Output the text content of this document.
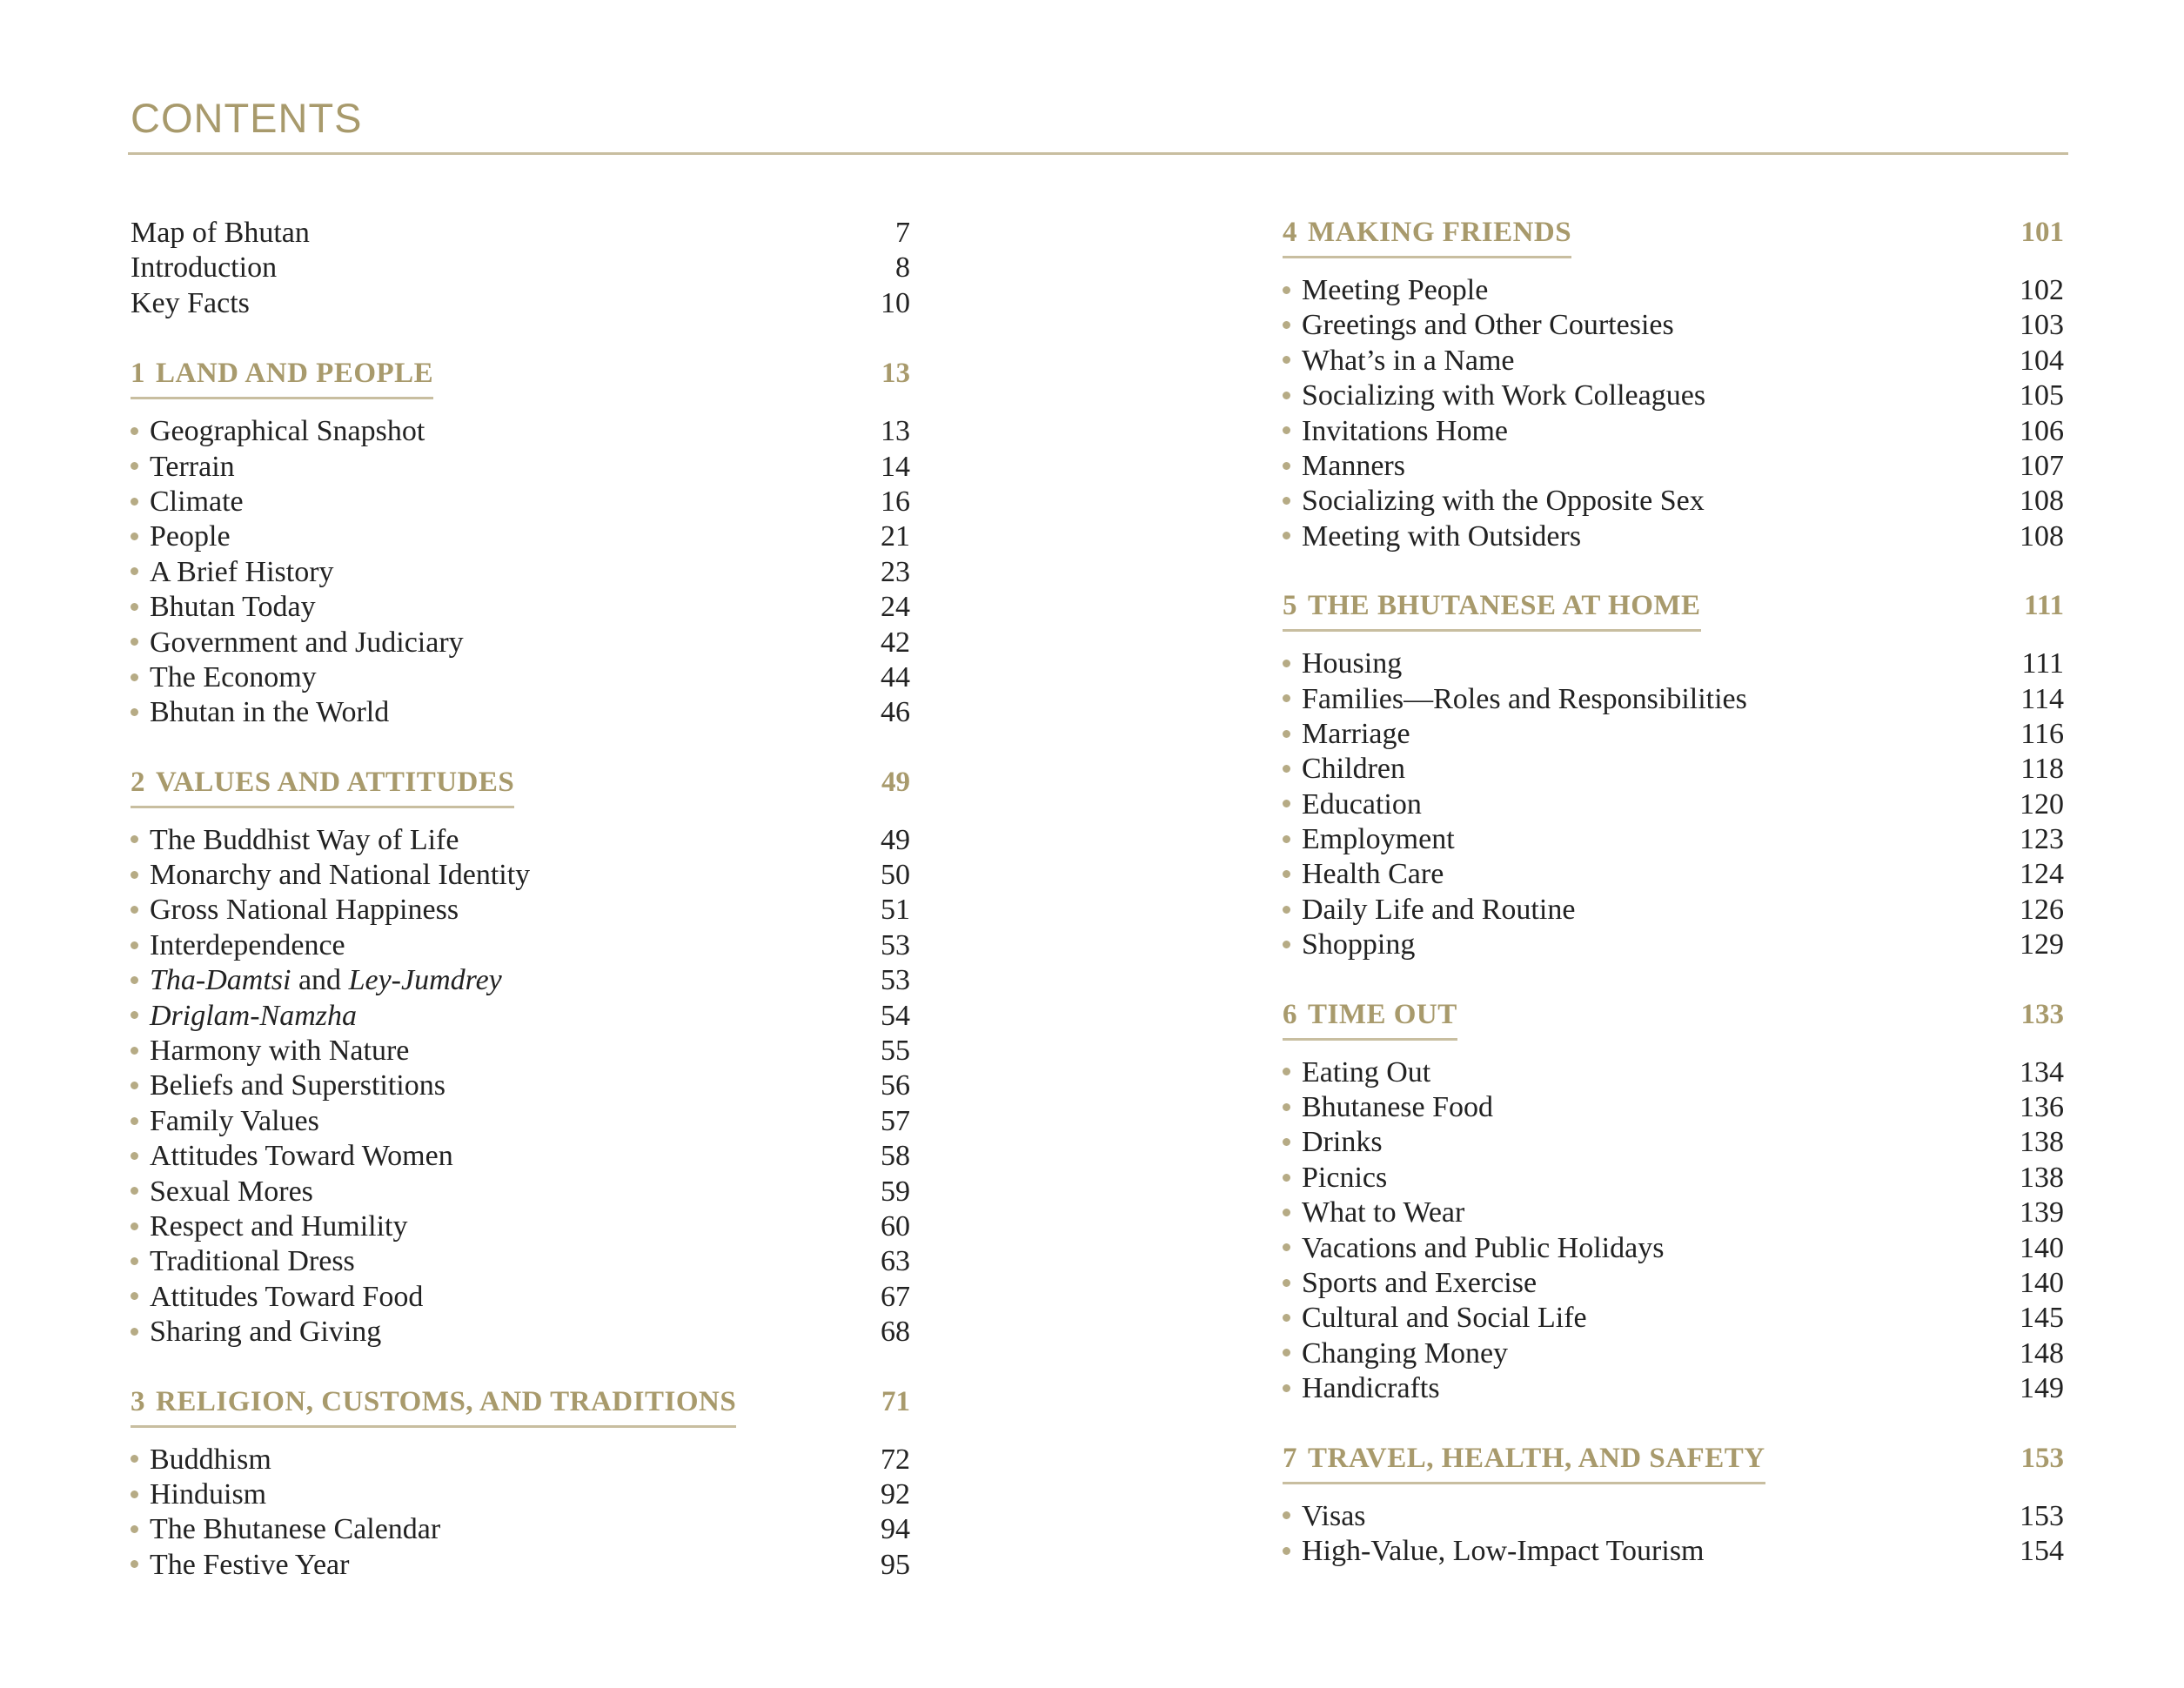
CONTENTS
Map of Bhutan	7
Introduction	8
Key Facts	10
1 LAND AND PEOPLE	13
Geographical Snapshot	13
Terrain	14
Climate	16
People	21
A Brief History	23
Bhutan Today	24
Government and Judiciary	42
The Economy	44
Bhutan in the World	46
2 VALUES AND ATTITUDES	49
The Buddhist Way of Life	49
Monarchy and National Identity	50
Gross National Happiness	51
Interdependence	53
Tha-Damtsi and Ley-Jumdrey	53
Driglam-Namzha	54
Harmony with Nature	55
Beliefs and Superstitions	56
Family Values	57
Attitudes Toward Women	58
Sexual Mores	59
Respect and Humility	60
Traditional Dress	63
Attitudes Toward Food	67
Sharing and Giving	68
3 RELIGION, CUSTOMS, AND TRADITIONS	71
Buddhism	72
Hinduism	92
The Bhutanese Calendar	94
The Festive Year	95
4 MAKING FRIENDS	101
Meeting People	102
Greetings and Other Courtesies	103
What’s in a Name	104
Socializing with Work Colleagues	105
Invitations Home	106
Manners	107
Socializing with the Opposite Sex	108
Meeting with Outsiders	108
5 THE BHUTANESE AT HOME	111
Housing	111
Families—Roles and Responsibilities	114
Marriage	116
Children	118
Education	120
Employment	123
Health Care	124
Daily Life and Routine	126
Shopping	129
6 TIME OUT	133
Eating Out	134
Bhutanese Food	136
Drinks	138
Picnics	138
What to Wear	139
Vacations and Public Holidays	140
Sports and Exercise	140
Cultural and Social Life	145
Changing Money	148
Handicrafts	149
7 TRAVEL, HEALTH, AND SAFETY	153
Visas	153
High-Value, Low-Impact Tourism	154
